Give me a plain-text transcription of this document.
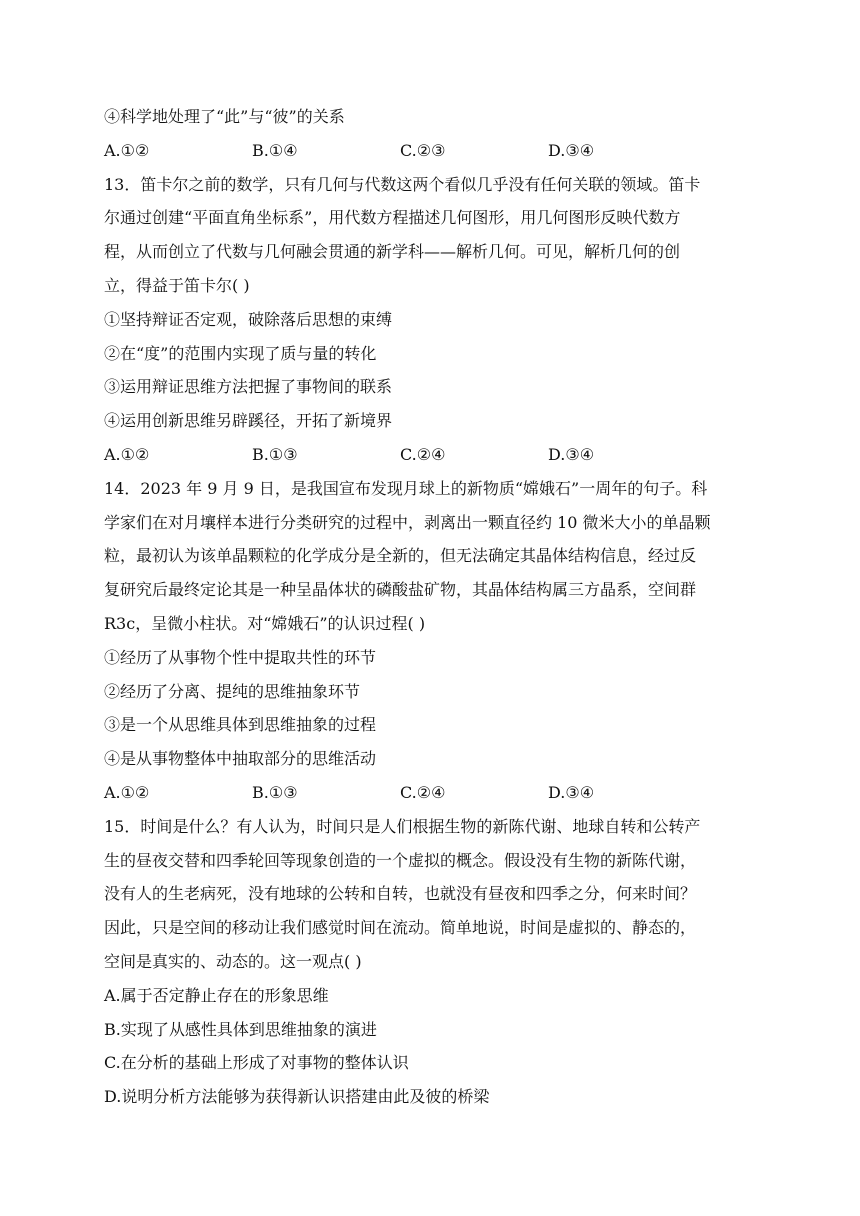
④科学地处理了“此”与“彼”的关系

A.①②	B.①④	C.②③	D.③④

13．笛卡尔之前的数学，只有几何与代数这两个看似几乎没有任何关联的领域。笛卡

尔通过创建“平面直角坐标系”，用代数方程描述几何图形，用几何图形反映代数方

程，从而创立了代数与几何融会贯通的新学科——解析几何。可见，解析几何的创

立，得益于笛卡尔( )

①坚持辩证否定观，破除落后思想的束缚

②在“度”的范围内实现了质与量的转化

③运用辩证思维方法把握了事物间的联系

④运用创新思维另辟蹊径，开拓了新境界

A.①②	B.①③	C.②④	D.③④

14．2023 年 9 月 9 日，是我国宣布发现月球上的新物质“嫦娥石”一周年的句子。科

学家们在对月壤样本进行分类研究的过程中，剥离出一颗直径约 10 微米大小的单晶颗

粒，最初认为该单晶颗粒的化学成分是全新的，但无法确定其晶体结构信息，经过反

复研究后最终定论其是一种呈晶体状的磷酸盐矿物，其晶体结构属三方晶系，空间群

R3c，呈微小柱状。对“嫦娥石”的认识过程( )

①经历了从事物个性中提取共性的环节

②经历了分离、提纯的思维抽象环节

③是一个从思维具体到思维抽象的过程

④是从事物整体中抽取部分的思维活动

A.①②	B.①③	C.②④	D.③④

15．时间是什么？有人认为，时间只是人们根据生物的新陈代谢、地球自转和公转产

生的昼夜交替和四季轮回等现象创造的一个虚拟的概念。假设没有生物的新陈代谢，

没有人的生老病死，没有地球的公转和自转，也就没有昼夜和四季之分，何来时间？

因此，只是空间的移动让我们感觉时间在流动。简单地说，时间是虚拟的、静态的，

空间是真实的、动态的。这一观点( )

A.属于否定静止存在的形象思维

B.实现了从感性具体到思维抽象的演进

C.在分析的基础上形成了对事物的整体认识

D.说明分析方法能够为获得新认识搭建由此及彼的桥梁
